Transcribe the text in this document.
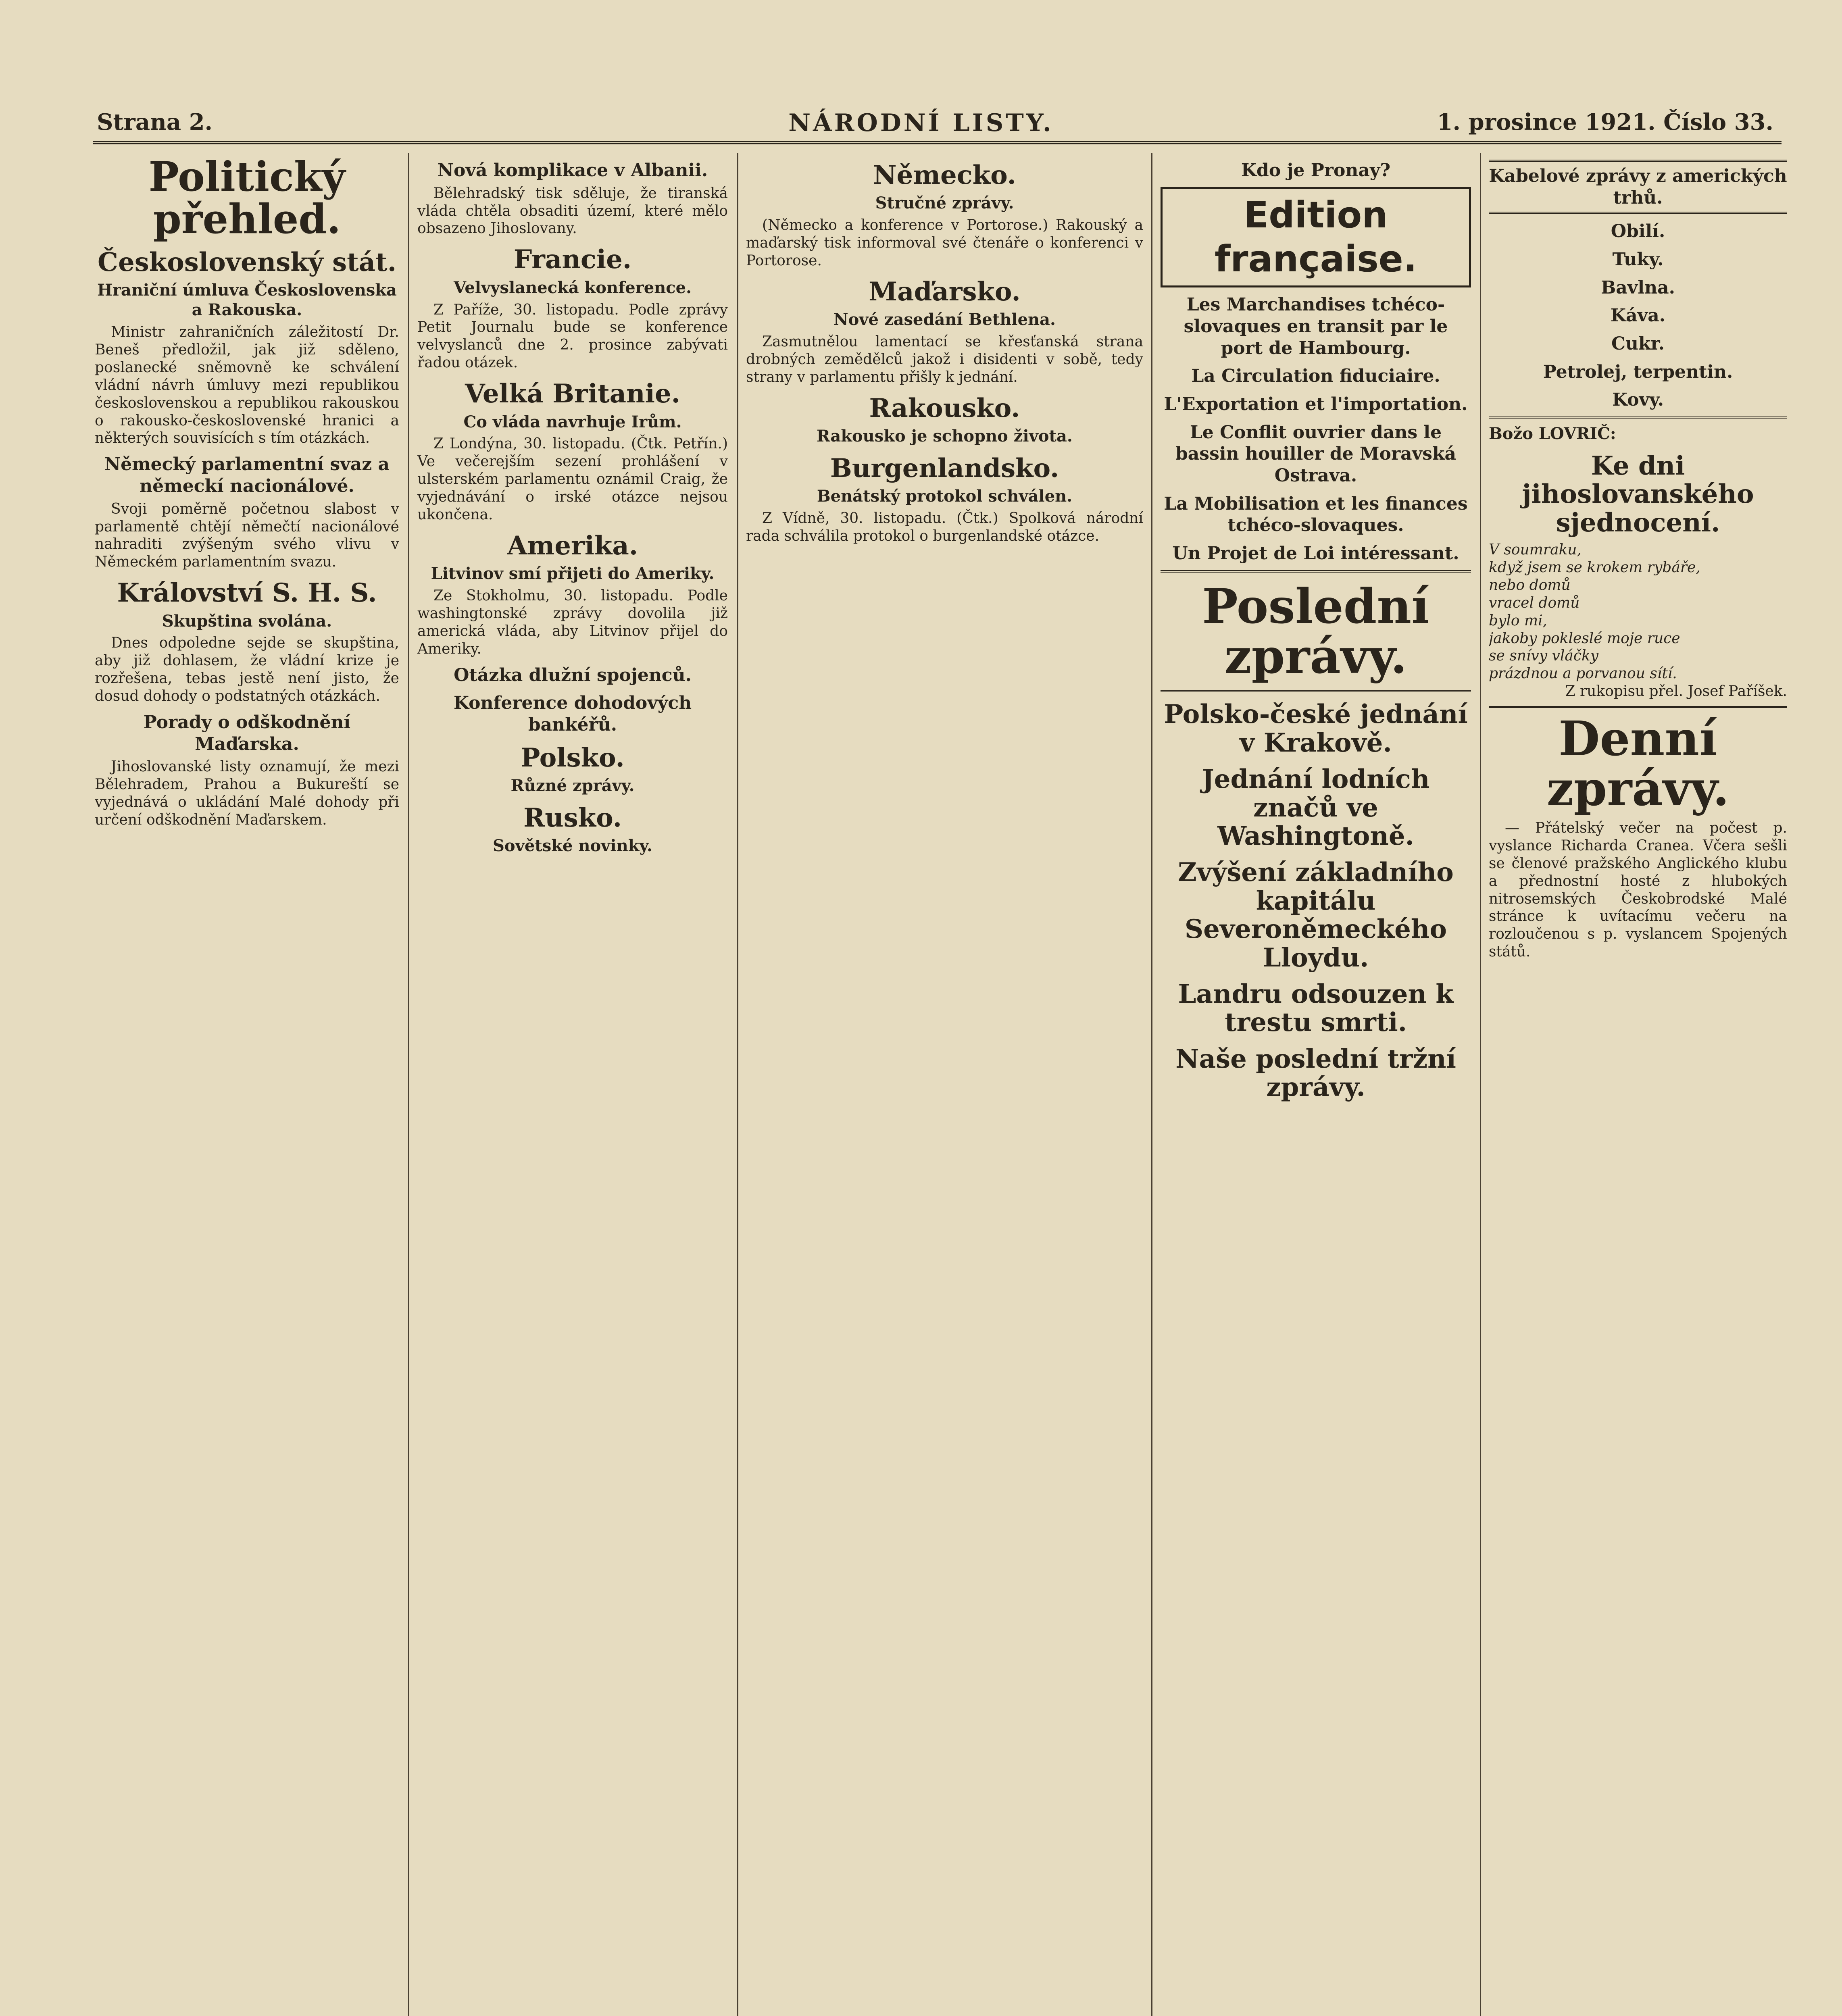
Strana 2.	NÁRODNÍ LISTY.	1. prosince 1921. Číslo 33.
Politický přehled.
Československý stát.
Hraniční úmluva Československa a Rakouska.

Ministr zahraničních záležitostí Dr. Beneš předložil, jak již sděleno, poslanecké sněmovně ke schválení vládní návrh úmluvy mezi republikou československou a republikou rakouskou o rakousko-československé hranici a některých souvisících s tím otázkách.

Německý parlamentní svaz a německí nacionálové.

Svoji poměrně početnou slabost v parlamentě chtějí němečtí nacionálové nahraditi zvýšeným svého vlivu v Německém parlamentním svazu.

Království S. H. S.
Skupština svolána.

Dnes odpoledne sejde se skupština, aby již dohlasem, že vládní krize je rozřešena, tebas jestě není jisto, že dosud dohody o podstatných otázkách.

Porady o odškodnění Maďarska.

Jihoslovanské listy oznamují, že mezi Bělehradem, Prahou a Bukureští se vyjednává o ukládání Malé dohody při určení odškodnění Maďarskem.

Nová komplikace v Albanii.

Bělehradský tisk sděluje, že tiranská vláda chtěla obsaditi území, které mělo obsazeno Jihoslovany.

Francie.
Velvyslanecká konference.

Z Paříže, 30. listopadu. Podle zprávy Petit Journalu bude se konference velvyslanců dne 2. prosince zabývati řadou otázek.

Velká Britanie.
Co vláda navrhuje Irům.

Z Londýna, 30. listopadu. (Čtk. Petřín.) Ve večerejším sezení prohlášení v ulsterském parlamentu oznámil Craig, že vyjednávání o irské otázce nejsou ukončena.

Amerika.
Litvinov smí přijeti do Ameriky.

Ze Stokholmu, 30. listopadu. Podle washingtonské zprávy dovolila již americká vláda, aby Litvinov přijel do Ameriky.

Otázka dlužní spojenců.
Konference dohodových bankéřů.
Polsko.
Různé zprávy.
Rusko.
Sovětské novinky.
Německo.
Stručné zprávy.

(Německo a konference v Portorose.) Rakouský a maďarský tisk informoval své čtenáře o konferenci v Portorose.

Maďarsko.
Nové zasedání Bethlena.

Zasmutnělou lamentací se křesťanská strana drobných zemědělců jakož i disidenti v sobě, tedy strany v parlamentu přišly k jednání.

Rakousko.
Rakousko je schopno života.
Burgenlandsko.
Benátský protokol schválen.

Z Vídně, 30. listopadu. (Čtk.) Spolková národní rada schválila protokol o burgenlandské otázce.

Kdo je Pronay?
Edition française.
Les Marchandises tchéco-slovaques en transit par le port de Hambourg.
La Circulation fiduciaire.
L'Exportation et l'importation.
Le Conflit ouvrier dans le bassin houiller de Moravská Ostrava.
La Mobilisation et les finances tchéco-slovaques.
Un Projet de Loi intéressant.
Poslední zprávy.
Polsko-české jednání v Krakově.
Jednání lodních značů ve Washingtoně.
Zvýšení základního kapitálu Severoněmeckého Lloydu.
Landru odsouzen k trestu smrti.
Naše poslední tržní zprávy.
Kabelové zprávy z amerických trhů.
Obilí.
Tuky.
Bavlna.
Káva.
Cukr.
Petrolej, terpentin.
Kovy.
Božo LOVRIČ:
Ke dni jihoslovanského sjednocení.

V soumraku,

když jsem se krokem rybáře,

nebo domů

vracel domů

bylo mi,

jakoby pokleslé moje ruce

se snívy vláčky

prázdnou a porvanou sítí.

Z rukopisu přel. Josef Paříšek.

Denní zprávy.

— Přátelský večer na počest p. vyslance Richarda Cranea. Včera sešli se členové pražského Anglického klubu a přednostní hosté z hlubokých nitrosemských Českobrodské Malé stránce k uvítacímu večeru na rozloučenou s p. vyslancem Spojených států.
